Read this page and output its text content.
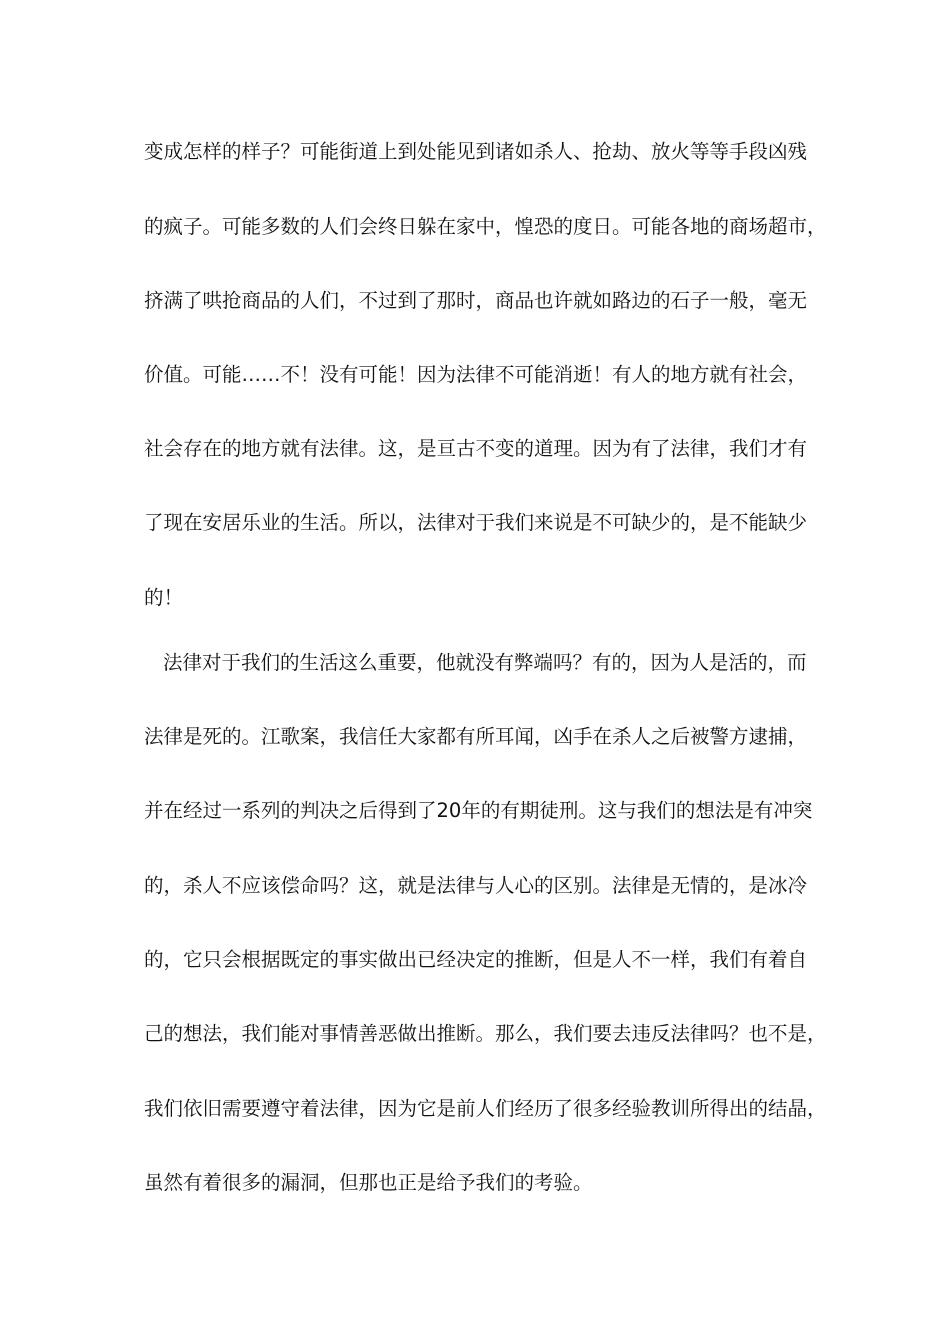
变成怎样的样子？可能街道上到处能见到诸如杀人、抢劫、放火等等手段凶残
的疯子。可能多数的人们会终日躲在家中，惶恐的度日。可能各地的商场超市，
挤满了哄抢商品的人们，不过到了那时，商品也许就如路边的石子一般，毫无
价值。可能……不！没有可能！因为法律不可能消逝！有人的地方就有社会，
社会存在的地方就有法律。这，是亘古不变的道理。因为有了法律，我们才有
了现在安居乐业的生活。所以，法律对于我们来说是不可缺少的，是不能缺少
的！
法律对于我们的生活这么重要，他就没有弊端吗？有的，因为人是活的，而
法律是死的。江歌案，我信任大家都有所耳闻，凶手在杀人之后被警方逮捕，
并在经过一系列的判决之后得到了20年的有期徒刑。这与我们的想法是有冲突
的，杀人不应该偿命吗？这，就是法律与人心的区别。法律是无情的，是冰冷
的，它只会根据既定的事实做出已经决定的推断，但是人不一样，我们有着自
己的想法，我们能对事情善恶做出推断。那么，我们要去违反法律吗？也不是，
我们依旧需要遵守着法律，因为它是前人们经历了很多经验教训所得出的结晶，
虽然有着很多的漏洞，但那也正是给予我们的考验。
